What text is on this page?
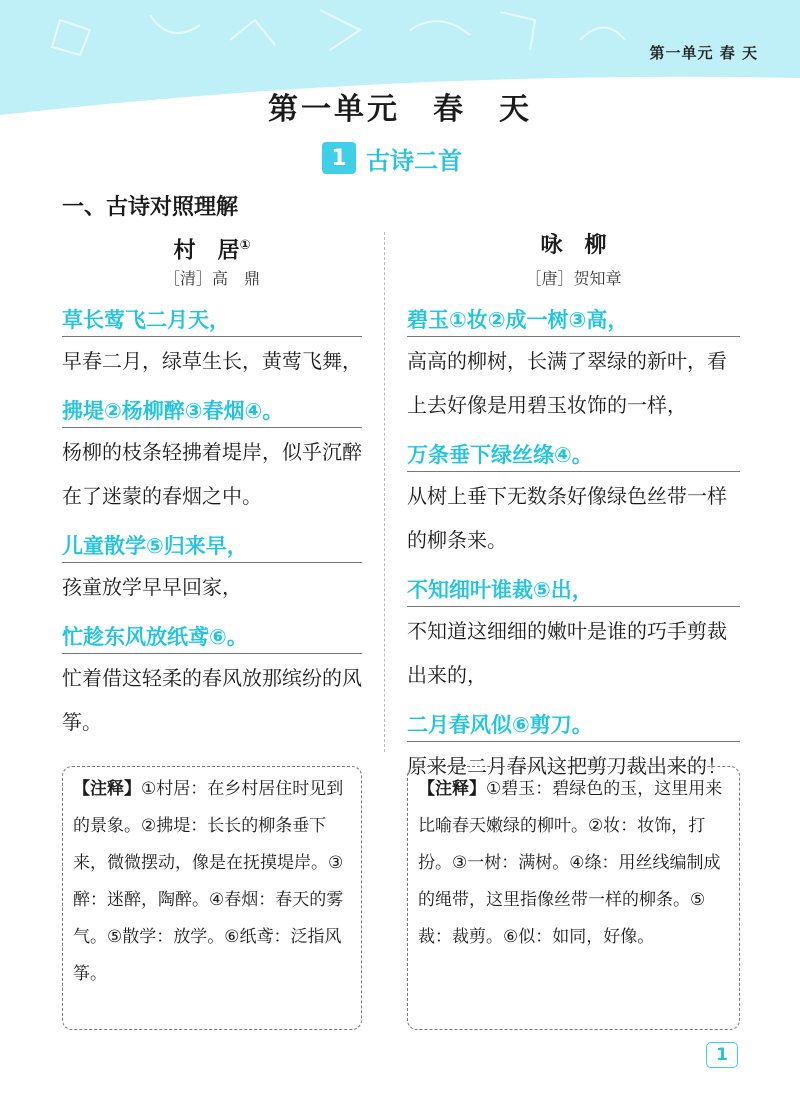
第一单元 春 天
第一单元　春　天
1 古诗二首
一、古诗对照理解
村　居①
［清］高　鼎
草长莺飞二月天，
早春二月，绿草生长，黄莺飞舞，
拂堤②杨柳醉③春烟④。
杨柳的枝条轻拂着堤岸，似乎沉醉在了迷蒙的春烟之中。
儿童散学⑤归来早，
孩童放学早早回家，
忙趁东风放纸鸢⑥。
忙着借这轻柔的春风放那缤纷的风筝。
咏　柳
［唐］贺知章
碧玉①妆②成一树③高，
高高的柳树，长满了翠绿的新叶，看上去好像是用碧玉妆饰的一样，
万条垂下绿丝绦④。
从树上垂下无数条好像绿色丝带一样的柳条来。
不知细叶谁裁⑤出，
不知道这细细的嫩叶是谁的巧手剪裁出来的，
二月春风似⑥剪刀。
原来是二月春风这把剪刀裁出来的！
【注释】①村居：在乡村居住时见到的景象。②拂堤：长长的柳条垂下来，微微摆动，像是在抚摸堤岸。③醉：迷醉，陶醉。④春烟：春天的雾气。⑤散学：放学。⑥纸鸢：泛指风筝。
【注释】①碧玉：碧绿色的玉，这里用来比喻春天嫩绿的柳叶。②妆：妆饰，打扮。③一树：满树。④绦：用丝线编制成的绳带，这里指像丝带一样的柳条。⑤裁：裁剪。⑥似：如同，好像。
1
